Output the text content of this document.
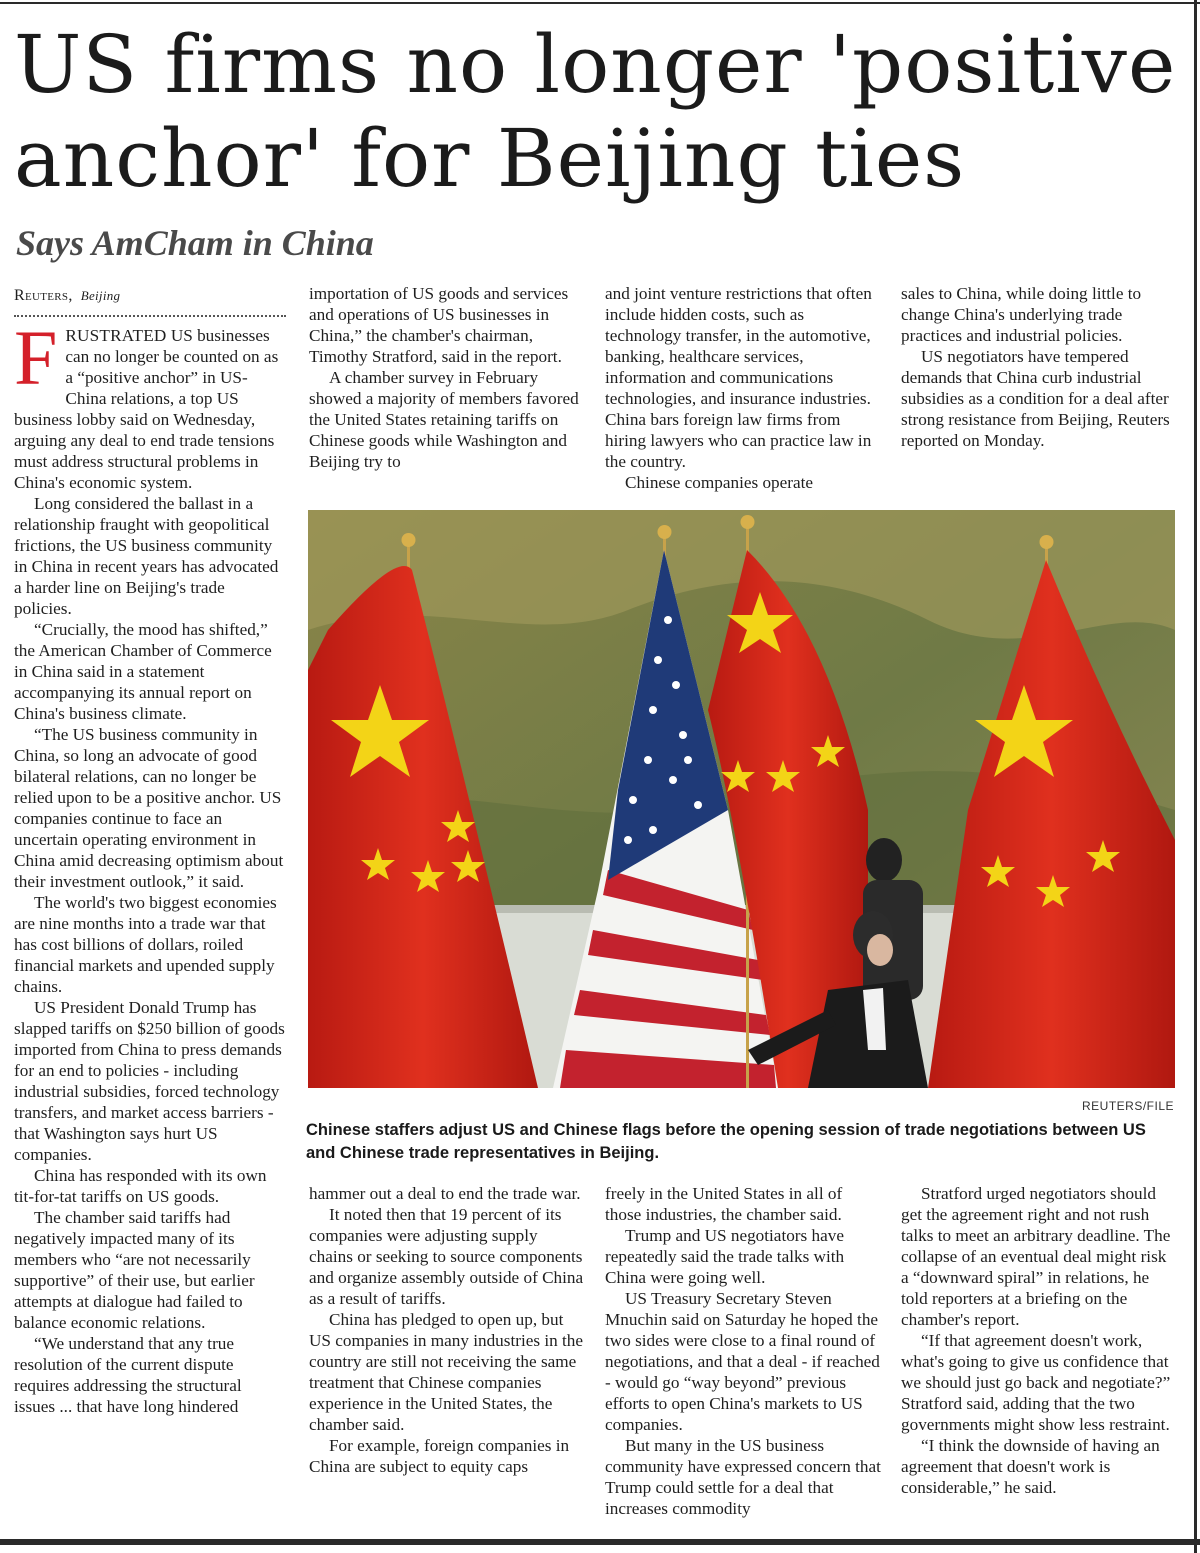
US firms no longer 'positive anchor' for Beijing ties
Says AmCham in China
Reuters, Beijing

FRUSTRATED US businesses can no longer be counted on as a “positive anchor” in US-China relations, a top US business lobby said on Wednesday, arguing any deal to end trade tensions must address structural problems in China's economic system.

Long considered the ballast in a relationship fraught with geopolitical frictions, the US business community in China in recent years has advocated a harder line on Beijing's trade policies.

“Crucially, the mood has shifted,” the American Chamber of Commerce in China said in a statement accompanying its annual report on China's business climate.

“The US business community in China, so long an advocate of good bilateral relations, can no longer be relied upon to be a positive anchor. US companies continue to face an uncertain operating environment in China amid decreasing optimism about their investment outlook,” it said.

The world's two biggest economies are nine months into a trade war that has cost billions of dollars, roiled financial markets and upended supply chains.

US President Donald Trump has slapped tariffs on $250 billion of goods imported from China to press demands for an end to policies - including industrial subsidies, forced technology transfers, and market access barriers - that Washington says hurt US companies.

China has responded with its own tit-for-tat tariffs on US goods.

The chamber said tariffs had negatively impacted many of its members who “are not necessarily supportive” of their use, but earlier attempts at dialogue had failed to balance economic relations.

“We understand that any true resolution of the current dispute requires addressing the structural issues ... that have long hindered

importation of US goods and services and operations of US businesses in China,” the chamber's chairman, Timothy Stratford, said in the report.

A chamber survey in February showed a majority of members favored the United States retaining tariffs on Chinese goods while Washington and Beijing try to

and joint venture restrictions that often include hidden costs, such as technology transfer, in the automotive, banking, healthcare services, information and communications technologies, and insurance industries. China bars foreign law firms from hiring lawyers who can practice law in the country.

Chinese companies operate

sales to China, while doing little to change China's underlying trade practices and industrial policies.

US negotiators have tempered demands that China curb industrial subsidies as a condition for a deal after strong resistance from Beijing, Reuters reported on Monday.

REUTERS/FILE
Chinese staffers adjust US and Chinese flags before the opening session of trade negotiations between US and Chinese trade representatives in Beijing.

hammer out a deal to end the trade war.

It noted then that 19 percent of its companies were adjusting supply chains or seeking to source components and organize assembly outside of China as a result of tariffs.

China has pledged to open up, but US companies in many industries in the country are still not receiving the same treatment that Chinese companies experience in the United States, the chamber said.

For example, foreign companies in China are subject to equity caps

freely in the United States in all of those industries, the chamber said.

Trump and US negotiators have repeatedly said the trade talks with China were going well.

US Treasury Secretary Steven Mnuchin said on Saturday he hoped the two sides were close to a final round of negotiations, and that a deal - if reached - would go “way beyond” previous efforts to open China's markets to US companies.

But many in the US business community have expressed concern that Trump could settle for a deal that increases commodity

Stratford urged negotiators should get the agreement right and not rush talks to meet an arbitrary deadline. The collapse of an eventual deal might risk a “downward spiral” in relations, he told reporters at a briefing on the chamber's report.

“If that agreement doesn't work, what's going to give us confidence that we should just go back and negotiate?” Stratford said, adding that the two governments might show less restraint.

“I think the downside of having an agreement that doesn't work is considerable,” he said.
